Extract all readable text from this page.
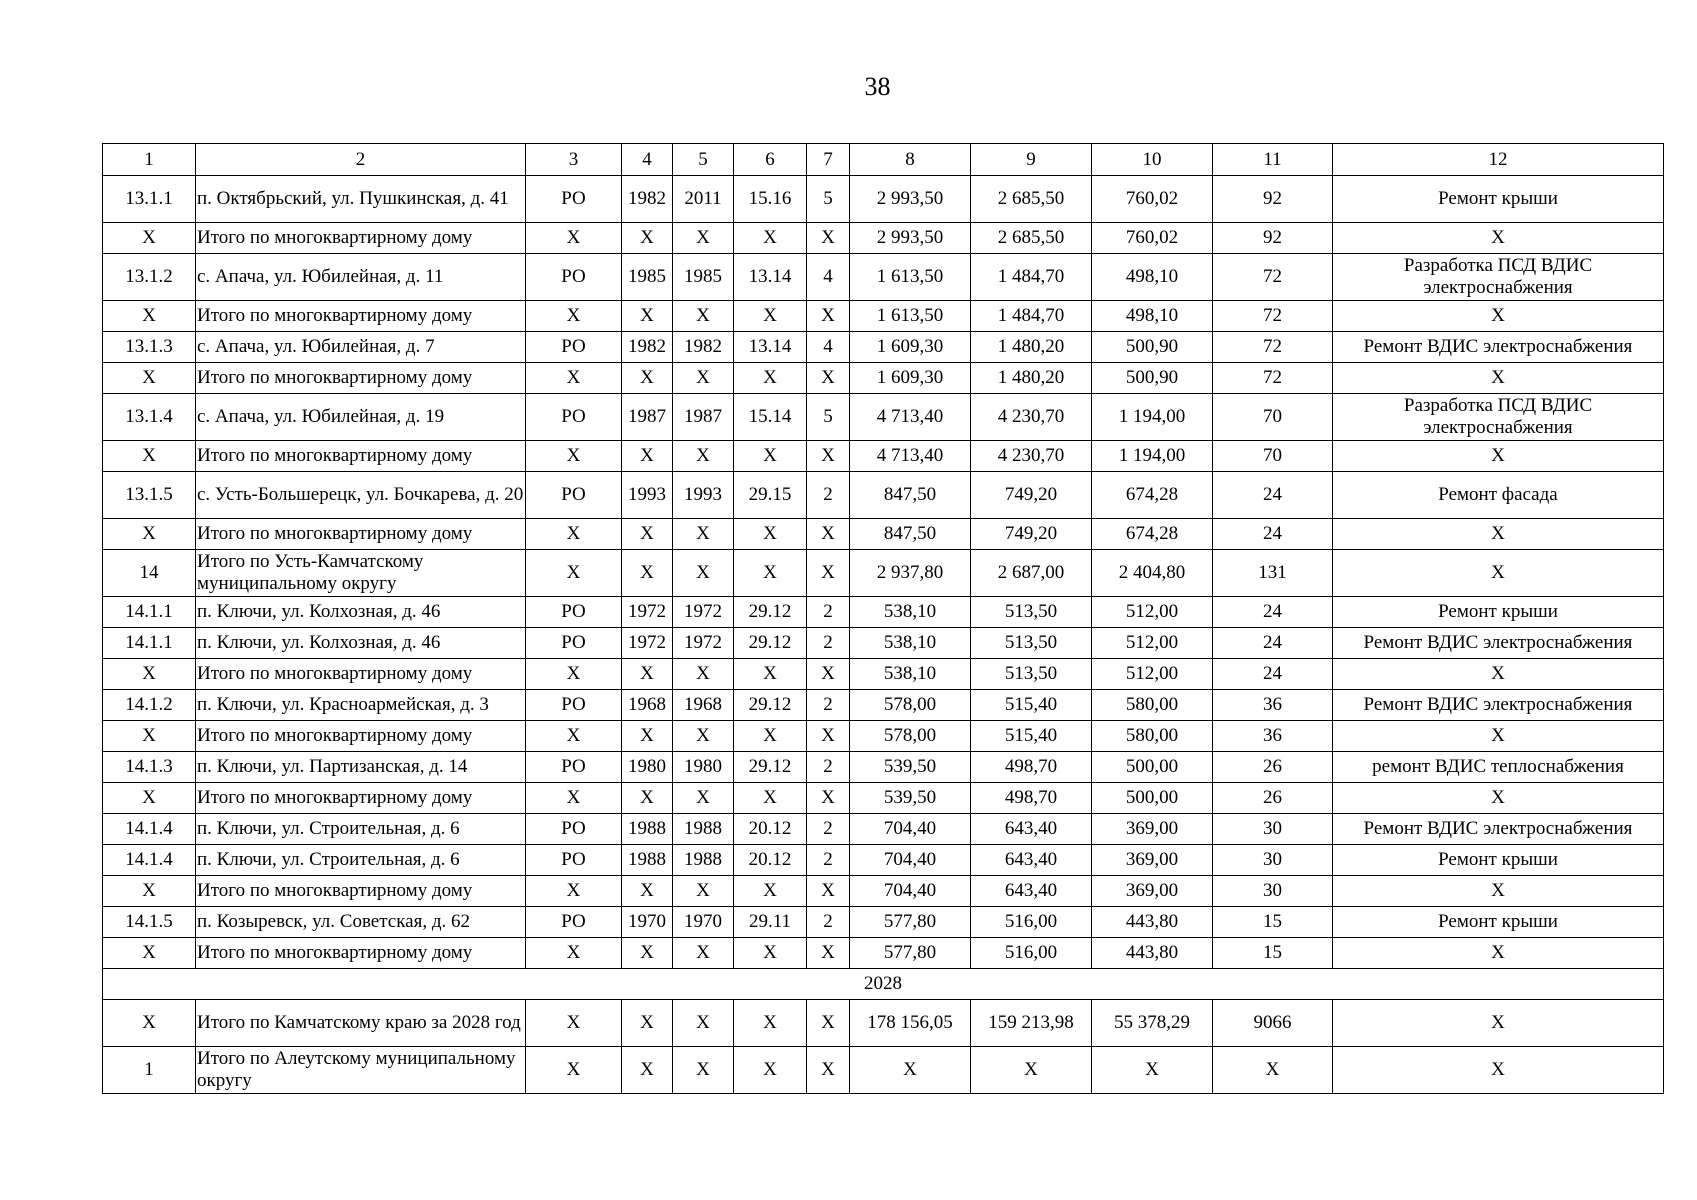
38
1	2	3	4	5	6	7	8	9	10	11	12
13.1.1	п. Октябрьский, ул. Пушкинская, д. 41	РО	1982	2011	15.16	5	2 993,50	2 685,50	760,02	92	Ремонт крыши
Х	Итого по многоквартирному дому	Х	Х	Х	Х	Х	2 993,50	2 685,50	760,02	92	Х
13.1.2	с. Апача, ул. Юбилейная, д. 11	РО	1985	1985	13.14	4	1 613,50	1 484,70	498,10	72	Разработка ПСД ВДИС электроснабжения
Х	Итого по многоквартирному дому	Х	Х	Х	Х	Х	1 613,50	1 484,70	498,10	72	Х
13.1.3	с. Апача, ул. Юбилейная, д. 7	РО	1982	1982	13.14	4	1 609,30	1 480,20	500,90	72	Ремонт ВДИС электроснабжения
Х	Итого по многоквартирному дому	Х	Х	Х	Х	Х	1 609,30	1 480,20	500,90	72	Х
13.1.4	с. Апача, ул. Юбилейная, д. 19	РО	1987	1987	15.14	5	4 713,40	4 230,70	1 194,00	70	Разработка ПСД ВДИС электроснабжения
Х	Итого по многоквартирному дому	Х	Х	Х	Х	Х	4 713,40	4 230,70	1 194,00	70	Х
13.1.5	с. Усть-Большерецк, ул. Бочкарева, д. 20	РО	1993	1993	29.15	2	847,50	749,20	674,28	24	Ремонт фасада
Х	Итого по многоквартирному дому	Х	Х	Х	Х	Х	847,50	749,20	674,28	24	Х
14	Итого по Усть-Камчатскому муниципальному округу	Х	Х	Х	Х	Х	2 937,80	2 687,00	2 404,80	131	Х
14.1.1	п. Ключи, ул. Колхозная, д. 46	РО	1972	1972	29.12	2	538,10	513,50	512,00	24	Ремонт крыши
14.1.1	п. Ключи, ул. Колхозная, д. 46	РО	1972	1972	29.12	2	538,10	513,50	512,00	24	Ремонт ВДИС электроснабжения
Х	Итого по многоквартирному дому	Х	Х	Х	Х	Х	538,10	513,50	512,00	24	Х
14.1.2	п. Ключи, ул. Красноармейская, д. 3	РО	1968	1968	29.12	2	578,00	515,40	580,00	36	Ремонт ВДИС электроснабжения
Х	Итого по многоквартирному дому	Х	Х	Х	Х	Х	578,00	515,40	580,00	36	Х
14.1.3	п. Ключи, ул. Партизанская, д. 14	РО	1980	1980	29.12	2	539,50	498,70	500,00	26	ремонт ВДИС теплоснабжения
Х	Итого по многоквартирному дому	Х	Х	Х	Х	Х	539,50	498,70	500,00	26	Х
14.1.4	п. Ключи, ул. Строительная, д. 6	РО	1988	1988	20.12	2	704,40	643,40	369,00	30	Ремонт ВДИС электроснабжения
14.1.4	п. Ключи, ул. Строительная, д. 6	РО	1988	1988	20.12	2	704,40	643,40	369,00	30	Ремонт крыши
Х	Итого по многоквартирному дому	Х	Х	Х	Х	Х	704,40	643,40	369,00	30	Х
14.1.5	п. Козыревск, ул. Советская, д. 62	РО	1970	1970	29.11	2	577,80	516,00	443,80	15	Ремонт крыши
Х	Итого по многоквартирному дому	Х	Х	Х	Х	Х	577,80	516,00	443,80	15	Х
2028											
Х	Итого по Камчатскому краю за 2028 год	Х	Х	Х	Х	Х	178 156,05	159 213,98	55 378,29	9066	Х
1	Итого по Алеутскому муниципальному округу	Х	Х	Х	Х	Х	Х	Х	Х	Х	Х
